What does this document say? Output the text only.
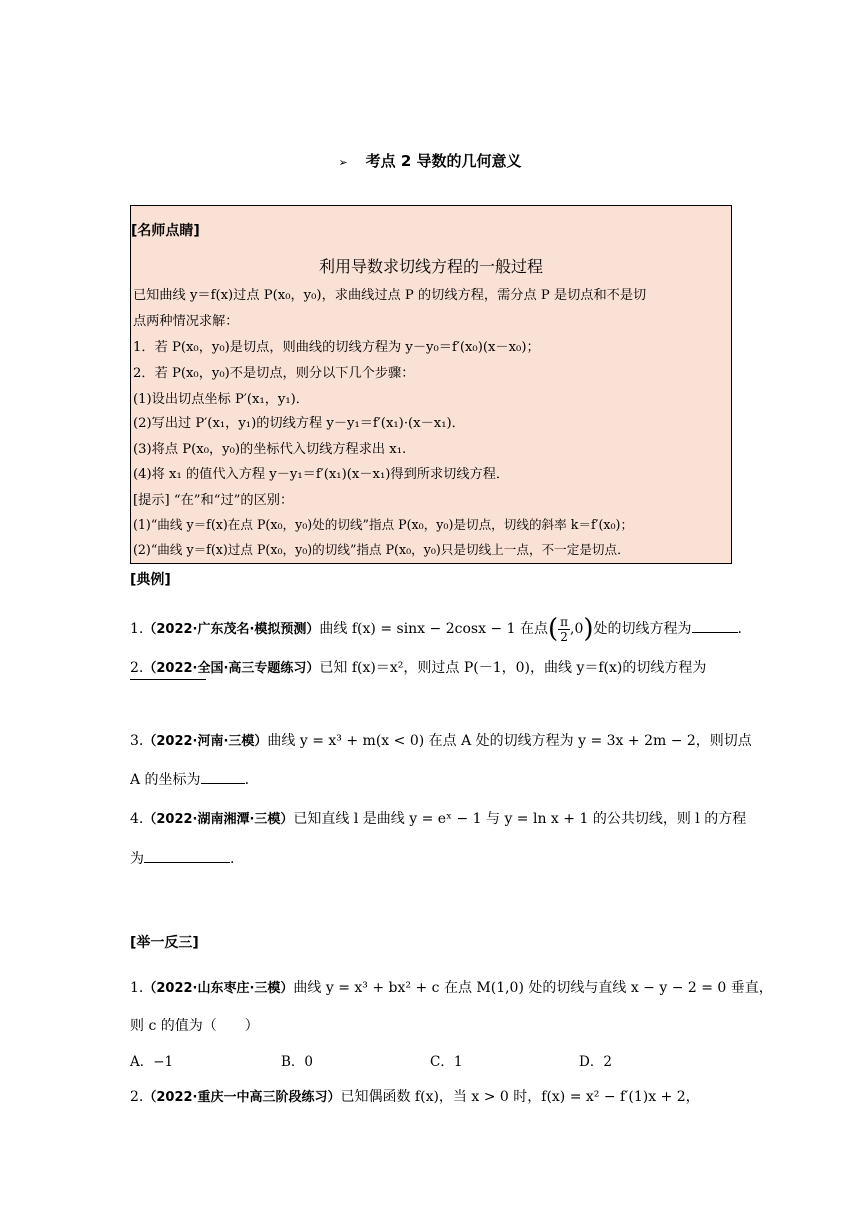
➢ 考点 2 导数的几何意义
[名师点睛]
利用导数求切线方程的一般过程
已知曲线 y＝f(x)过点 P(x₀，y₀)，求曲线过点 P 的切线方程，需分点 P 是切点和不是切
点两种情况求解：
1．若 P(x₀，y₀)是切点，则曲线的切线方程为 y－y₀＝f′(x₀)(x－x₀)；
2．若 P(x₀，y₀)不是切点，则分以下几个步骤：
(1)设出切点坐标 P′(x₁，y₁)．
(2)写出过 P′(x₁，y₁)的切线方程 y－y₁＝f′(x₁)·(x－x₁)．
(3)将点 P(x₀，y₀)的坐标代入切线方程求出 x₁.
(4)将 x₁ 的值代入方程 y－y₁＝f′(x₁)(x－x₁)得到所求切线方程．
[提示] “在”和“过”的区别：
(1)“曲线 y＝f(x)在点 P(x₀，y₀)处的切线”指点 P(x₀，y₀)是切点，切线的斜率 k＝f′(x₀)；
(2)“曲线 y＝f(x)过点 P(x₀，y₀)的切线”指点 P(x₀，y₀)只是切线上一点，不一定是切点．
[典例]
1.（2022·广东茂名·模拟预测）曲线 f(x) = sinx − 2cosx − 1 在点( $\frac{\pi}{2} ,0$)处的切线方程为	.
2.（2022·全国·高三专题练习）已知 f(x)＝x²，则过点 P(－1，0)，曲线 y＝f(x)的切线方程为
3.（2022·河南·三模）曲线 y = x³ + m(x < 0) 在点 A 处的切线方程为 y = 3x + 2m − 2，则切点
A 的坐标为	.
4.（2022·湖南湘潭·三模）已知直线 l 是曲线 y = eˣ − 1 与 y = ln x + 1 的公共切线，则 l 的方程
为	.
[举一反三]
1.（2022·山东枣庄·三模）曲线 y = x³ + bx² + c 在点 M(1,0) 处的切线与直线 x − y − 2 = 0 垂直，
则 c 的值为（　　）
A．−1	B．0	C．1	D．2
2.（2022·重庆一中高三阶段练习）已知偶函数 f(x)，当 x > 0 时，f(x) = x² − f′(1)x + 2，
